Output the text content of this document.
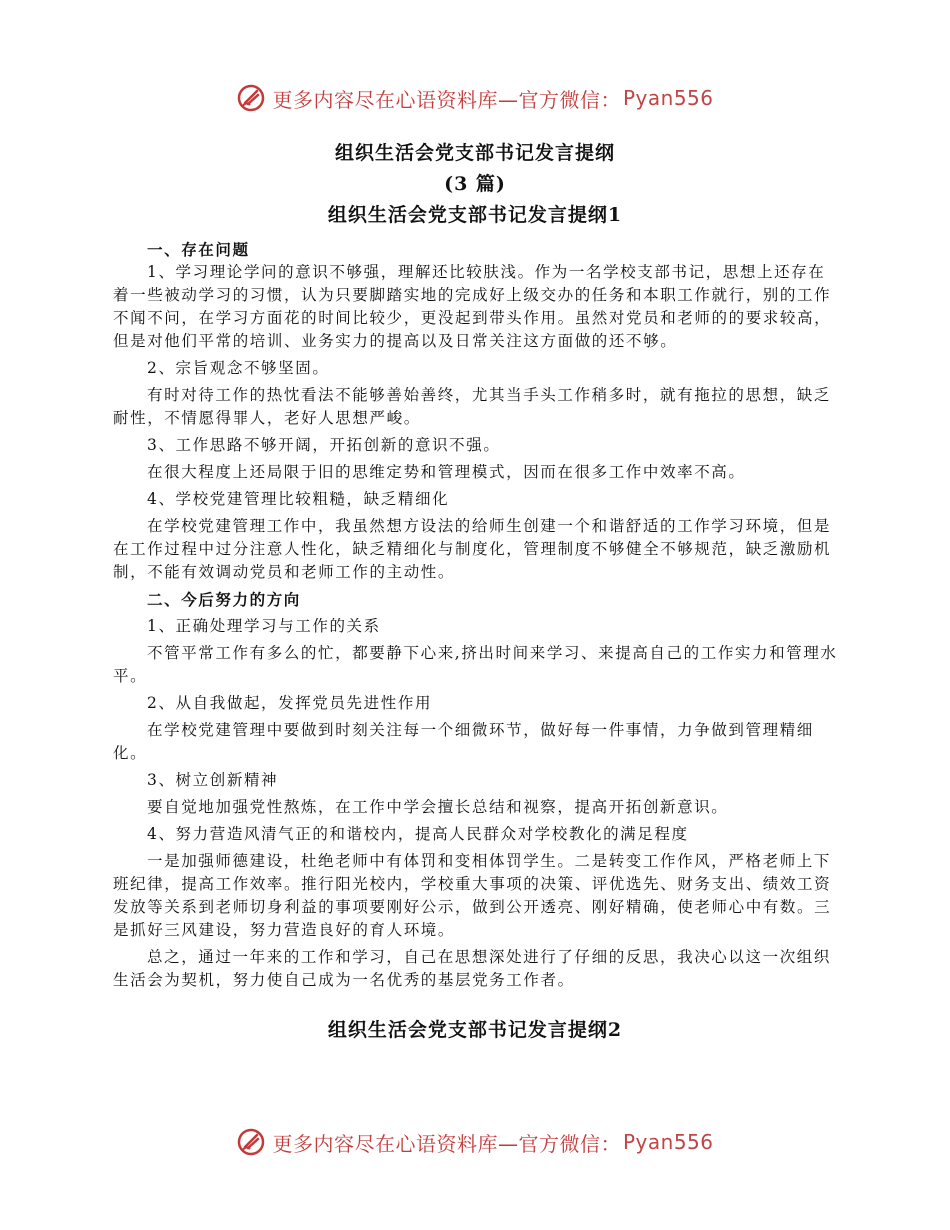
更多内容尽在心语资料库—官方微信： Pyan556

组织生活会党支部书记发言提纲

(3 篇)

组织生活会党支部书记发言提纲1

一、存在问题

1、学习理论学问的意识不够强，理解还比较肤浅。作为一名学校支部书记，思想上还存在着一些被动学习的习惯，认为只要脚踏实地的完成好上级交办的任务和本职工作就行，别的工作不闻不问，在学习方面花的时间比较少，更没起到带头作用。虽然对党员和老师的的要求较高，但是对他们平常的培训、业务实力的提高以及日常关注这方面做的还不够。

2、宗旨观念不够坚固。

有时对待工作的热忱看法不能够善始善终，尤其当手头工作稍多时，就有拖拉的思想，缺乏耐性，不情愿得罪人，老好人思想严峻。

3、工作思路不够开阔，开拓创新的意识不强。

在很大程度上还局限于旧的思维定势和管理模式，因而在很多工作中效率不高。

4、学校党建管理比较粗糙，缺乏精细化

在学校党建管理工作中，我虽然想方设法的给师生创建一个和谐舒适的工作学习环境，但是在工作过程中过分注意人性化，缺乏精细化与制度化，管理制度不够健全不够规范，缺乏激励机制，不能有效调动党员和老师工作的主动性。

二、今后努力的方向

1、正确处理学习与工作的关系

不管平常工作有多么的忙，都要静下心来,挤出时间来学习、来提高自己的工作实力和管理水平。

2、从自我做起，发挥党员先进性作用

在学校党建管理中要做到时刻关注每一个细微环节，做好每一件事情，力争做到管理精细化。

3、树立创新精神

要自觉地加强党性熬炼，在工作中学会擅长总结和视察，提高开拓创新意识。

4、努力营造风清气正的和谐校内，提高人民群众对学校教化的满足程度

一是加强师德建设，杜绝老师中有体罚和变相体罚学生。二是转变工作作风，严格老师上下班纪律，提高工作效率。推行阳光校内，学校重大事项的决策、评优选先、财务支出、绩效工资发放等关系到老师切身利益的事项要刚好公示，做到公开透亮、刚好精确，使老师心中有数。三是抓好三风建设，努力营造良好的育人环境。

总之，通过一年来的工作和学习，自己在思想深处进行了仔细的反思，我决心以这一次组织生活会为契机，努力使自己成为一名优秀的基层党务工作者。

组织生活会党支部书记发言提纲2

更多内容尽在心语资料库—官方微信： Pyan556
